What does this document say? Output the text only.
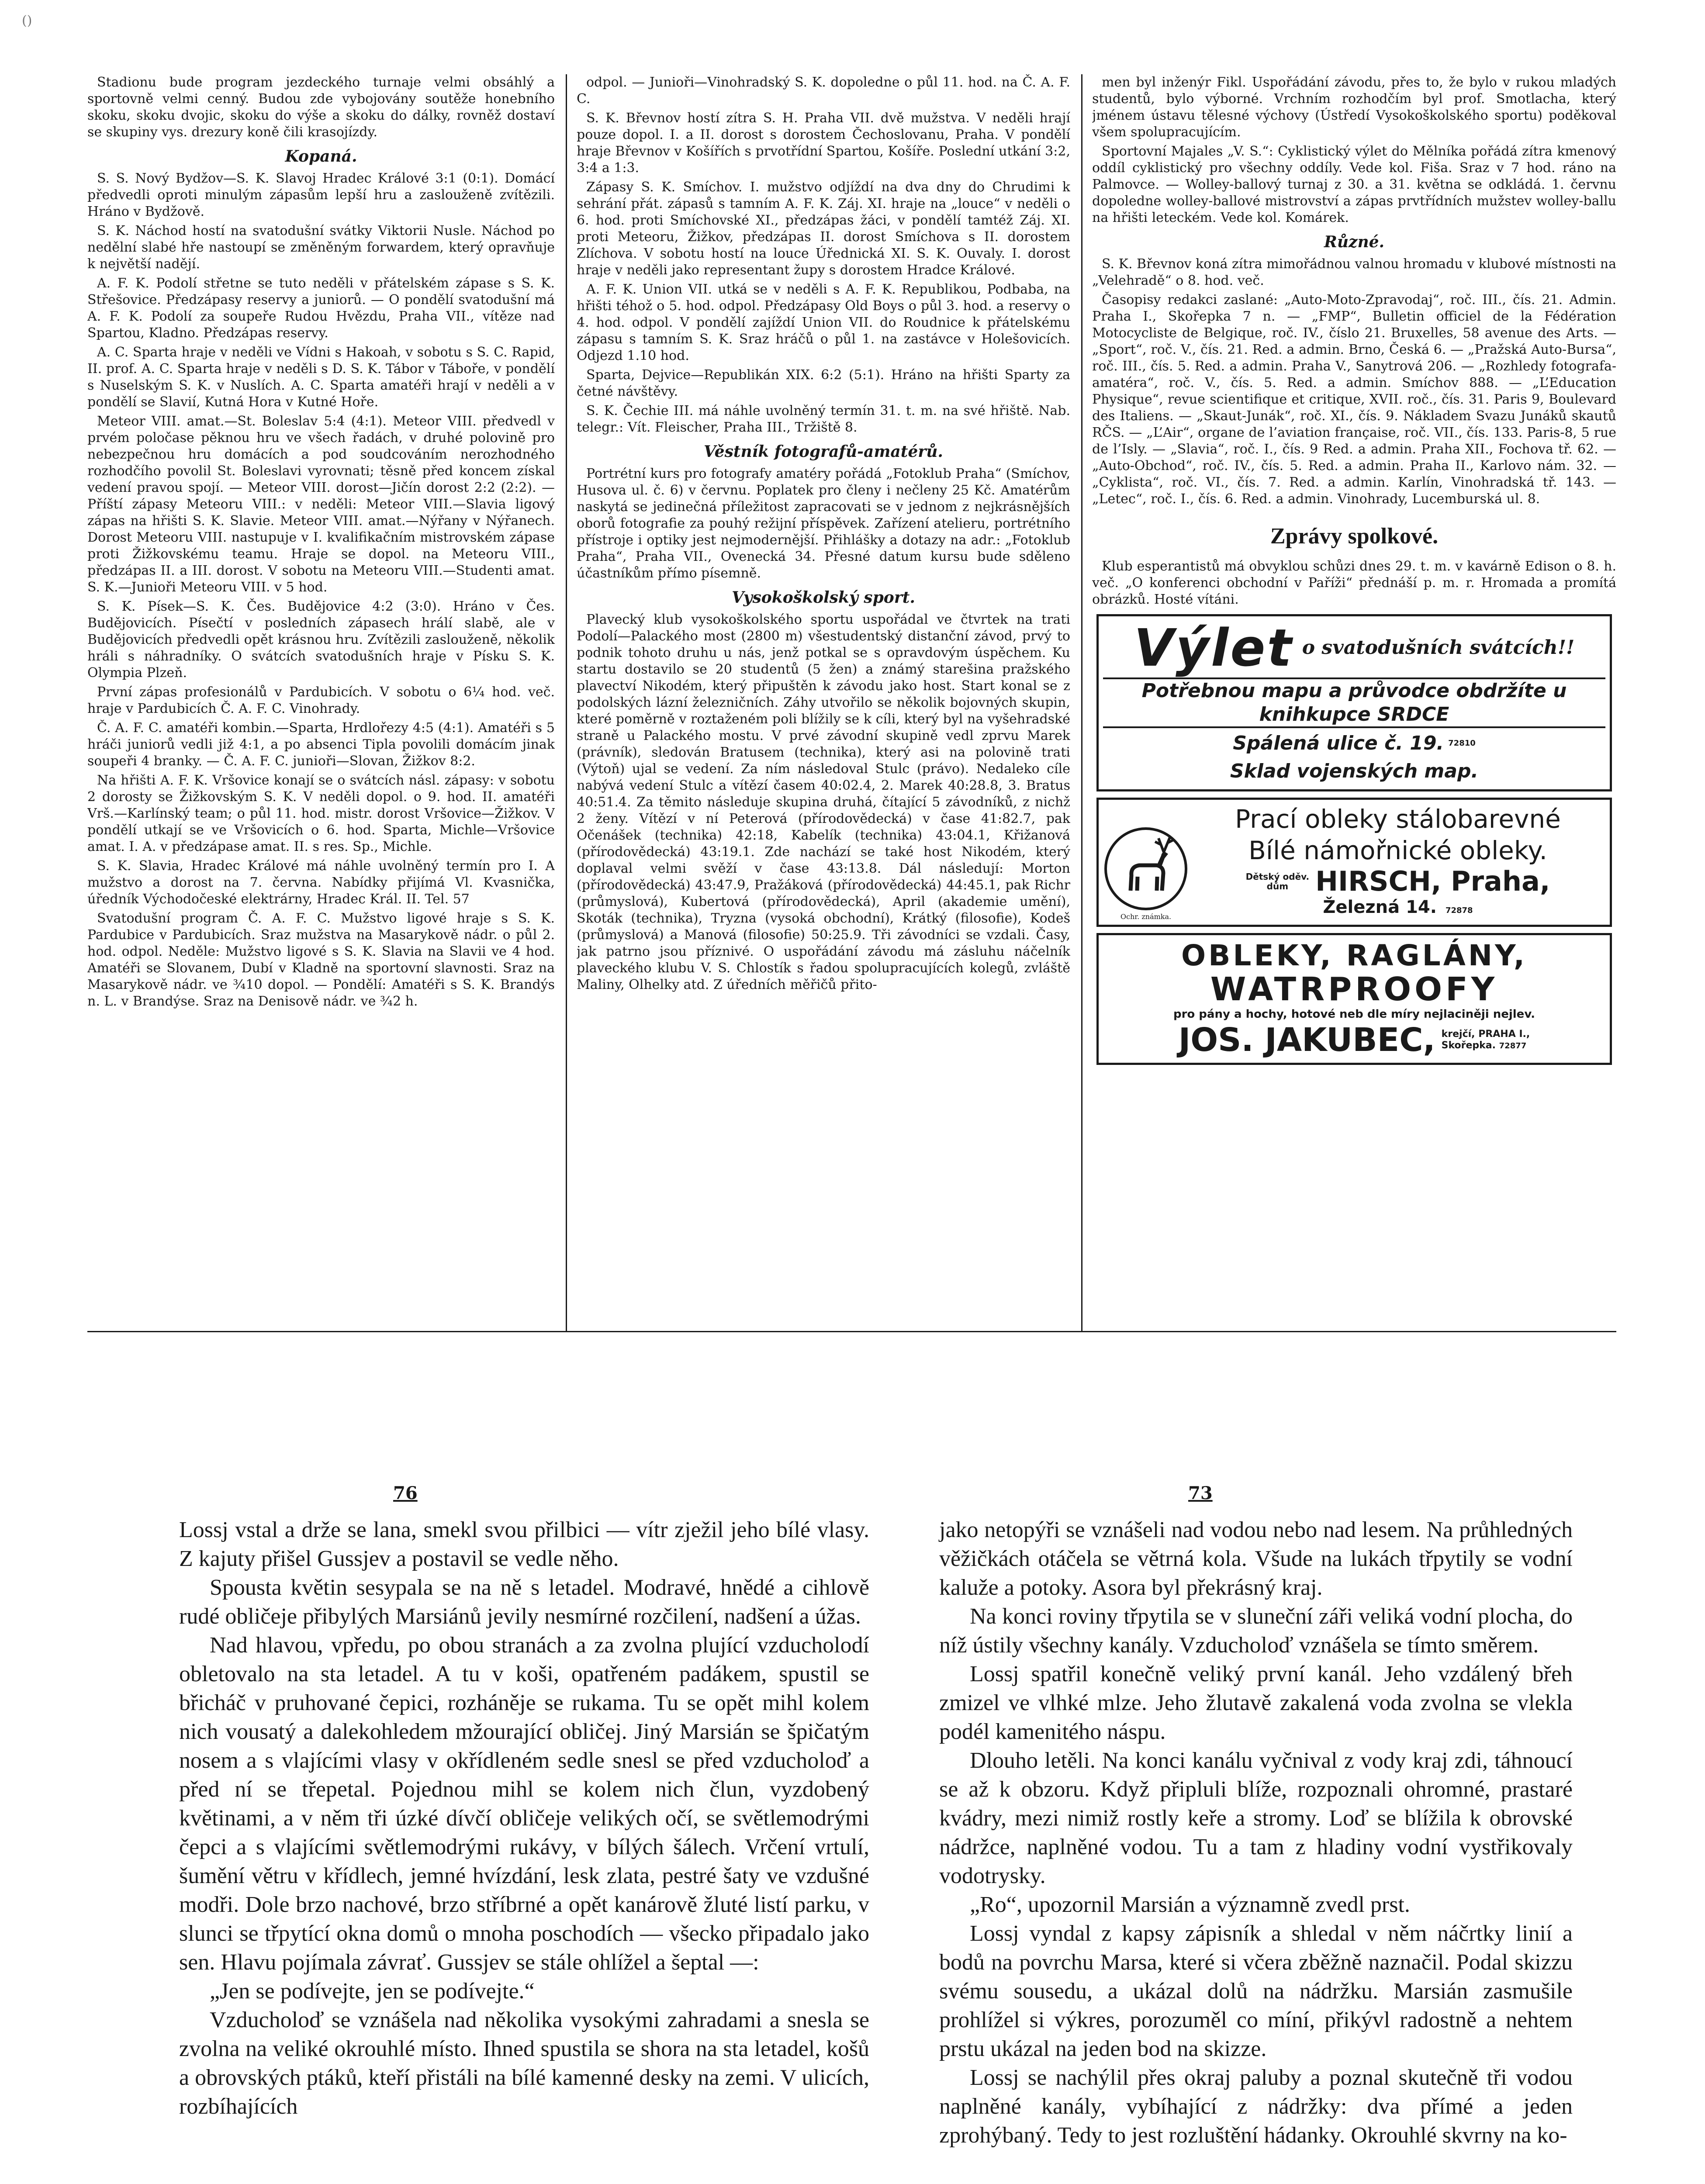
()

Stadionu bude program jezdeckého turnaje velmi obsáhlý a sportovně velmi cenný. Budou zde vybojovány soutěže honebního skoku, skoku dvojic, skoku do výše a skoku do dálky, rovněž dostaví se skupiny vys. drezury koně čili krasojízdy.

Kopaná.

S. S. Nový Bydžov—S. K. Slavoj Hradec Králové 3:1 (0:1). Domácí předvedli oproti minulým zápasům lepší hru a zaslouženě zvítězili. Hráno v Bydžově.

S. K. Náchod hostí na svatodušní svátky Viktorii Nusle. Náchod po nedělní slabé hře nastoupí se změněným forwardem, který opravňuje k největší nadějí.

A. F. K. Podolí střetne se tuto neděli v přátelském zápase s S. K. Střešovice. Předzápasy reservy a juniorů. — O pondělí svatodušní má A. F. K. Podolí za soupeře Rudou Hvězdu, Praha VII., vítěze nad Spartou, Kladno. Předzápas reservy.

A. C. Sparta hraje v neděli ve Vídni s Hakoah, v sobotu s S. C. Rapid, II. prof. A. C. Sparta hraje v neděli s D. S. K. Tábor v Táboře, v pondělí s Nuselským S. K. v Nuslích. A. C. Sparta amatéři hrají v neděli a v pondělí se Slavií, Kutná Hora v Kutné Hoře.

Meteor VIII. amat.—St. Boleslav 5:4 (4:1). Meteor VIII. předvedl v prvém poločase pěknou hru ve všech řadách, v druhé polovině pro nebezpečnou hru domácích a pod soudcováním nerozhodného rozhodčího povolil St. Boleslavi vyrovnati; těsně před koncem získal vedení pravou spojí. — Meteor VIII. dorost—Jičín dorost 2:2 (2:2). — Příští zápasy Meteoru VIII.: v neděli: Meteor VIII.—Slavia ligový zápas na hřišti S. K. Slavie. Meteor VIII. amat.—Nýřany v Nýřanech. Dorost Meteoru VIII. nastupuje v I. kvalifikačním mistrovském zápase proti Žižkovskému teamu. Hraje se dopol. na Meteoru VIII., předzápas II. a III. dorost. V sobotu na Meteoru VIII.—Studenti amat. S. K.—Junioři Meteoru VIII. v 5 hod.

S. K. Písek—S. K. Čes. Budějovice 4:2 (3:0). Hráno v Čes. Budějovicích. Písečtí v posledních zápasech hrálí slabě, ale v Budějovicích předvedli opět krásnou hru. Zvítězili zaslouženě, několik hráli s náhradníky. O svátcích svatodušních hraje v Písku S. K. Olympia Plzeň.

První zápas profesionálů v Pardubicích. V sobotu o 6¼ hod. več. hraje v Pardubicích Č. A. F. C. Vinohrady.

Č. A. F. C. amatéři kombin.—Sparta, Hrdlořezy 4:5 (4:1). Amatéři s 5 hráči juniorů vedli již 4:1, a po absenci Tipla povolili domácím jinak soupeři 4 branky. — Č. A. F. C. junioři—Slovan, Žižkov 8:2.

Na hřišti A. F. K. Vršovice konají se o svátcích násl. zápasy: v sobotu 2 dorosty se Žižkovským S. K. V neděli dopol. o 9. hod. II. amatéři Vrš.—Karlínský team; o půl 11. hod. mistr. dorost Vršovice—Žižkov. V pondělí utkají se ve Vršovicích o 6. hod. Sparta, Michle—Vršovice amat. I. A. v předzápase amat. II. s res. Sp., Michle.

S. K. Slavia, Hradec Králové má náhle uvolněný termín pro I. A mužstvo a dorost na 7. června. Nabídky přijímá Vl. Kvasnička, úředník Východočeské elektrárny, Hradec Král. II. Tel. 57

Svatodušní program Č. A. F. C. Mužstvo ligové hraje s S. K. Pardubice v Pardubicích. Sraz mužstva na Masarykově nádr. o půl 2. hod. odpol. Neděle: Mužstvo ligové s S. K. Slavia na Slavii ve 4 hod. Amatéři se Slovanem, Dubí v Kladně na sportovní slavnosti. Sraz na Masarykově nádr. ve ¾10 dopol. — Pondělí: Amatéři s S. K. Brandýs n. L. v Brandýse. Sraz na Denisově nádr. ve ¾2 h.

odpol. — Junioři—Vinohradský S. K. dopoledne o půl 11. hod. na Č. A. F. C.

S. K. Břevnov hostí zítra S. H. Praha VII. dvě mužstva. V neděli hrají pouze dopol. I. a II. dorost s dorostem Čechoslovanu, Praha. V pondělí hraje Břevnov v Košířích s prvotřídní Spartou, Košíře. Poslední utkání 3:2, 3:4 a 1:3.

Zápasy S. K. Smíchov. I. mužstvo odjíždí na dva dny do Chrudimi k sehrání přát. zápasů s tamním A. F. K. Záj. XI. hraje na „louce“ v neděli o 6. hod. proti Smíchovské XI., předzápas žáci, v pondělí tamtéž Záj. XI. proti Meteoru, Žižkov, předzápas II. dorost Smíchova s II. dorostem Zlíchova. V sobotu hostí na louce Úřednická XI. S. K. Ouvaly. I. dorost hraje v neděli jako representant župy s dorostem Hradce Králové.

A. F. K. Union VII. utká se v neděli s A. F. K. Republikou, Podbaba, na hřišti téhož o 5. hod. odpol. Předzápasy Old Boys o půl 3. hod. a reservy o 4. hod. odpol. V pondělí zajíždí Union VII. do Roudnice k přátelskému zápasu s tamním S. K. Sraz hráčů o půl 1. na zastávce v Holešovicích. Odjezd 1.10 hod.

Sparta, Dejvice—Republikán XIX. 6:2 (5:1). Hráno na hřišti Sparty za četné návštěvy.

S. K. Čechie III. má náhle uvolněný termín 31. t. m. na své hřiště. Nab. telegr.: Vít. Fleischer, Praha III., Tržiště 8.

Věstník fotografů-amatérů.

Portrétní kurs pro fotografy amatéry pořádá „Fotoklub Praha“ (Smíchov, Husova ul. č. 6) v červnu. Poplatek pro členy i nečleny 25 Kč. Amatérům naskytá se jedinečná příležitost zapracovati se v jednom z nejkrásnějších oborů fotografie za pouhý režijní příspěvek. Zařízení atelieru, portrétního přístroje i optiky jest nejmodernější. Přihlášky a dotazy na adr.: „Fotoklub Praha“, Praha VII., Ovenecká 34. Přesné datum kursu bude sděleno účastníkům přímo písemně.

Vysokoškolský sport.

Plavecký klub vysokoškolského sportu uspořádal ve čtvrtek na trati Podolí—Palackého most (2800 m) všestudentský distanční závod, prvý to podnik tohoto druhu u nás, jenž potkal se s opravdovým úspěchem. Ku startu dostavilo se 20 studentů (5 žen) a známý starešina pražského plavectví Nikodém, který připuštěn k závodu jako host. Start konal se z podolských lázní železničních. Záhy utvořilo se několik bojovných skupin, které poměrně v roztaženém poli blížily se k cíli, který byl na vyšehradské straně u Palackého mostu. V prvé závodní skupině vedl zprvu Marek (právník), sledován Bratusem (technika), který asi na polovině trati (Výtoň) ujal se vedení. Za ním následoval Stulc (právo). Nedaleko cíle nabývá vedení Stulc a vítězí časem 40:02.4, 2. Marek 40:28.8, 3. Bratus 40:51.4. Za těmito následuje skupina druhá, čítající 5 závodníků, z nichž 2 ženy. Vítězí v ní Peterová (přírodovědecká) v čase 41:82.7, pak Očenášek (technika) 42:18, Kabelík (technika) 43:04.1, Křižanová (přírodovědecká) 43:19.1. Zde nachází se také host Nikodém, který doplaval velmi svěží v čase 43:13.8. Dál následují: Morton (přírodovědecká) 43:47.9, Pražáková (přírodovědecká) 44:45.1, pak Richr (průmyslová), Kubertová (přírodovědecká), April (akademie umění), Skoták (technika), Tryzna (vysoká obchodní), Krátký (filosofie), Kodeš (průmyslová) a Manová (filosofie) 50:25.9. Tři závodníci se vzdali. Časy, jak patrno jsou příznivé. O uspořádání závodu má zásluhu náčelník plaveckého klubu V. S. Chlostík s řadou spolupracujících kolegů, zvláště Maliny, Olhelky atd. Z úředních měřičů přito-

men byl inženýr Fikl. Uspořádání závodu, přes to, že bylo v rukou mladých studentů, bylo výborné. Vrchním rozhodčím byl prof. Smotlacha, který jménem ústavu tělesné výchovy (Ústředí Vysokoškolského sportu) poděkoval všem spolupracujícím.

Sportovní Majales „V. S.“: Cyklistický výlet do Mělníka pořádá zítra kmenový oddíl cyklistický pro všechny oddíly. Vede kol. Fiša. Sraz v 7 hod. ráno na Palmovce. — Wolley-ballový turnaj z 30. a 31. května se odkládá. 1. červnu dopoledne wolley-ballové mistrovství a zápas prvtřídních mužstev wolley-ballu na hřišti leteckém. Vede kol. Komárek.

Různé.

S. K. Břevnov koná zítra mimořádnou valnou hromadu v klubové místnosti na „Velehradě“ o 8. hod. več.

Časopisy redakci zaslané: „Auto-Moto-Zpravodaj“, roč. III., čís. 21. Admin. Praha I., Skořepka 7 n. — „FMP“, Bulletin officiel de la Fédération Motocycliste de Belgique, roč. IV., číslo 21. Bruxelles, 58 avenue des Arts. — „Sport“, roč. V., čís. 21. Red. a admin. Brno, Česká 6. — „Pražská Auto-Bursa“, roč. III., čís. 5. Red. a admin. Praha V., Sanytrová 206. — „Rozhledy fotografa-amatéra“, roč. V., čís. 5. Red. a admin. Smíchov 888. — „L’Education Physique“, revue scientifique et critique, XVII. roč., čís. 31. Paris 9, Boulevard des Italiens. — „Skaut-Junák“, roč. XI., čís. 9. Nákladem Svazu Junáků skautů RČS. — „L’Air“, organe de l’aviation française, roč. VII., čís. 133. Paris-8, 5 rue de l’Isly. — „Slavia“, roč. I., čís. 9 Red. a admin. Praha XII., Fochova tř. 62. — „Auto-Obchod“, roč. IV., čís. 5. Red. a admin. Praha II., Karlovo nám. 32. — „Cyklista“, roč. VI., čís. 7. Red. a admin. Karlín, Vinohradská tř. 143. — „Letec“, roč. I., čís. 6. Red. a admin. Vinohrady, Lucemburská ul. 8.

Zprávy spolkové.

Klub esperantistů má obvyklou schůzi dnes 29. t. m. v kavárně Edison o 8. h. več. „O konferenci obchodní v Paříži“ přednáší p. m. r. Hromada a promítá obrázků. Hosté vítáni.

Výlet o svatodušních svátcích!!
Potřebnou mapu a průvodce obdržíte u knihkupce SRDCE
Spálená ulice č. 19. $^{72810}$
Sklad vojenských map.
Ochr. známka.
Prací obleky stálobarevné
Bílé námořnické obleky.
Dětský oděv.
dům	HIRSCH, Praha,
Železná 14. 72878
OBLEKY, RAGLÁNY,
WATRPROOFY
pro pány a hochy, hotové neb dle míry nejlaciněji nejlev.
JOS. JAKUBEC, krejčí, PRAHA I.,
Skořepka. 72877
76	73

Lossj vstal a drže se lana, smekl svou přilbici — vítr zježil jeho bílé vlasy. Z kajuty přišel Gussjev a postavil se vedle něho.

Spousta květin sesypala se na ně s letadel. Modravé, hnědé a cihlově rudé obličeje přibylých Marsiánů jevily nesmírné rozčilení, nadšení a úžas.

Nad hlavou, vpředu, po obou stranách a za zvolna plující vzducholodí obletovalo na sta letadel. A tu v koši, opatřeném padákem, spustil se břicháč v pruhované čepici, rozháněje se rukama. Tu se opět mihl kolem nich vousatý a dalekohledem mžourající obličej. Jiný Marsián se špičatým nosem a s vlajícími vlasy v okřídleném sedle snesl se před vzducholoď a před ní se třepetal. Pojednou mihl se kolem nich člun, vyzdobený květinami, a v něm tři úzké dívčí obličeje velikých očí, se světlemodrými čepci a s vlajícími světlemodrými rukávy, v bílých šálech. Vrčení vrtulí, šumění větru v křídlech, jemné hvízdání, lesk zlata, pestré šaty ve vzdušné modři. Dole brzo nachové, brzo stříbrné a opět kanárově žluté listí parku, v slunci se třpytící okna domů o mnoha poschodích — všecko připadalo jako sen. Hlavu pojímala závrať. Gussjev se stále ohlížel a šeptal —:

„Jen se podívejte, jen se podívejte.“

Vzducholoď se vznášela nad několika vysokými zahradami a snesla se zvolna na veliké okrouhlé místo. Ihned spustila se shora na sta letadel, košů a obrovských ptáků, kteří přistáli na bílé kamenné desky na zemi. V ulicích, rozbíhajících

jako netopýři se vznášeli nad vodou nebo nad lesem. Na průhledných věžičkách otáčela se větrná kola. Všude na lukách třpytily se vodní kaluže a potoky. Asora byl překrásný kraj.

Na konci roviny třpytila se v sluneční záři veliká vodní plocha, do níž ústily všechny kanály. Vzducholoď vznášela se tímto směrem.

Lossj spatřil konečně veliký první kanál. Jeho vzdálený břeh zmizel ve vlhké mlze. Jeho žlutavě zakalená voda zvolna se vlekla podél kamenitého náspu.

Dlouho letěli. Na konci kanálu vyčnival z vody kraj zdi, táhnoucí se až k obzoru. Když připluli blíže, rozpoznali ohromné, prastaré kvádry, mezi nimiž rostly keře a stromy. Loď se blížila k obrovské nádržce, naplněné vodou. Tu a tam z hladiny vodní vystřikovaly vodotrysky.

„Ro“, upozornil Marsián a významně zvedl prst.

Lossj vyndal z kapsy zápisník a shledal v něm náčrtky linií a bodů na povrchu Marsa, které si včera zběžně naznačil. Podal skizzu svému sousedu, a ukázal dolů na nádržku. Marsián zasmušile prohlížel si výkres, porozuměl co míní, přikývl radostně a nehtem prstu ukázal na jeden bod na skizze.

Lossj se nachýlil přes okraj paluby a poznal skutečně tři vodou naplněné kanály, vybíhající z nádržky: dva přímé a jeden zprohýbaný. Tedy to jest rozluštění hádanky. Okrouhlé skvrny na ko-
